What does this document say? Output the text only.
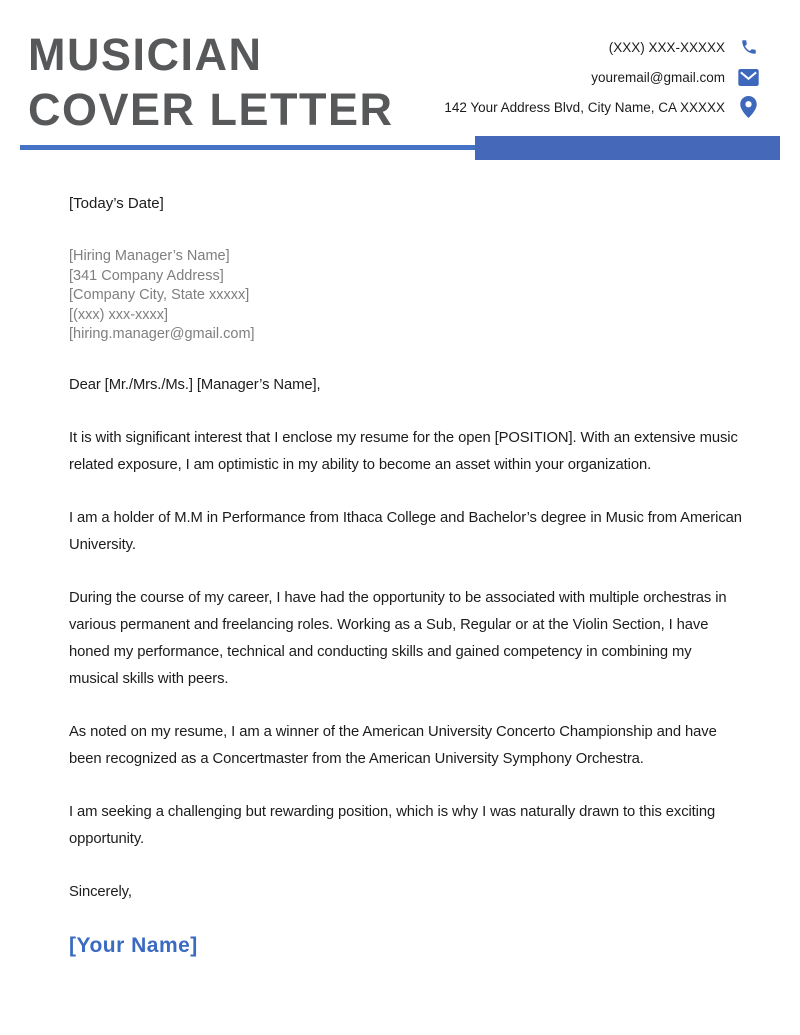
MUSICIAN
COVER LETTER
(XXX) XXX-XXXXX
youremail@gmail.com
142 Your Address Blvd, City Name, CA XXXXX

[Today’s Date]

[Hiring Manager’s Name]

[341 Company Address]

[Company City, State xxxxx]

[(xxx) xxx-xxxx]

[hiring.manager@gmail.com]

Dear [Mr./Mrs./Ms.] [Manager’s Name],

It is with significant interest that I enclose my resume for the open [POSITION]. With an extensive music related exposure, I am optimistic in my ability to become an asset within your organization.

I am a holder of M.M in Performance from Ithaca College and Bachelor’s degree in Music from American University.

During the course of my career, I have had the opportunity to be associated with multiple orchestras in various permanent and freelancing roles. Working as a Sub, Regular or at the Violin Section, I have honed my performance, technical and conducting skills and gained competency in combining my musical skills with peers.

As noted on my resume, I am a winner of the American University Concerto Championship and have been recognized as a Concertmaster from the American University Symphony Orchestra.

I am seeking a challenging but rewarding position, which is why I was naturally drawn to this exciting opportunity.

Sincerely,

[Your Name]
